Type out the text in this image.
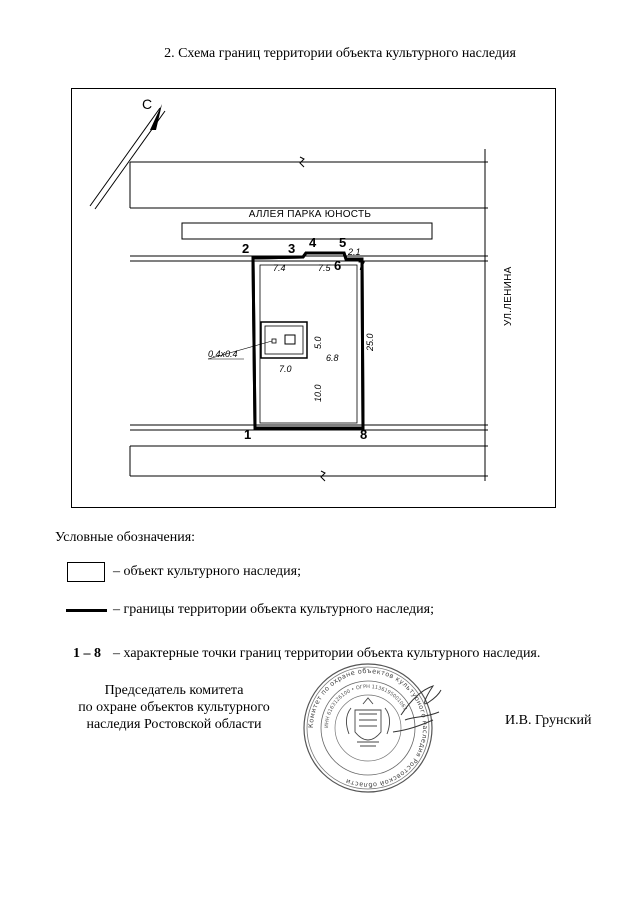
2. Схема границ территории объекта культурного наследия
С
АЛЛЕЯ ПАРКА ЮНОСТЬ
УЛ.ЛЕНИНА
2	3 4 5
6 7
1	8
7.4	7.5
2.1
25.0
5.0
6.8
7.0
10.0
0.4х0.4
Условные обозначения:
– объект культурного наследия;
– границы территории объекта культурного наследия;
1 – 8 – характерные точки границ территории объекта культурного наследия.
Председатель комитета
по охране объектов культурного
наследия Ростовской области	Комитет по охране объектов культурного наследия Ростовской области
ИНН 6163126100 • ОГРН 1136195001067
И.В. Грунский
